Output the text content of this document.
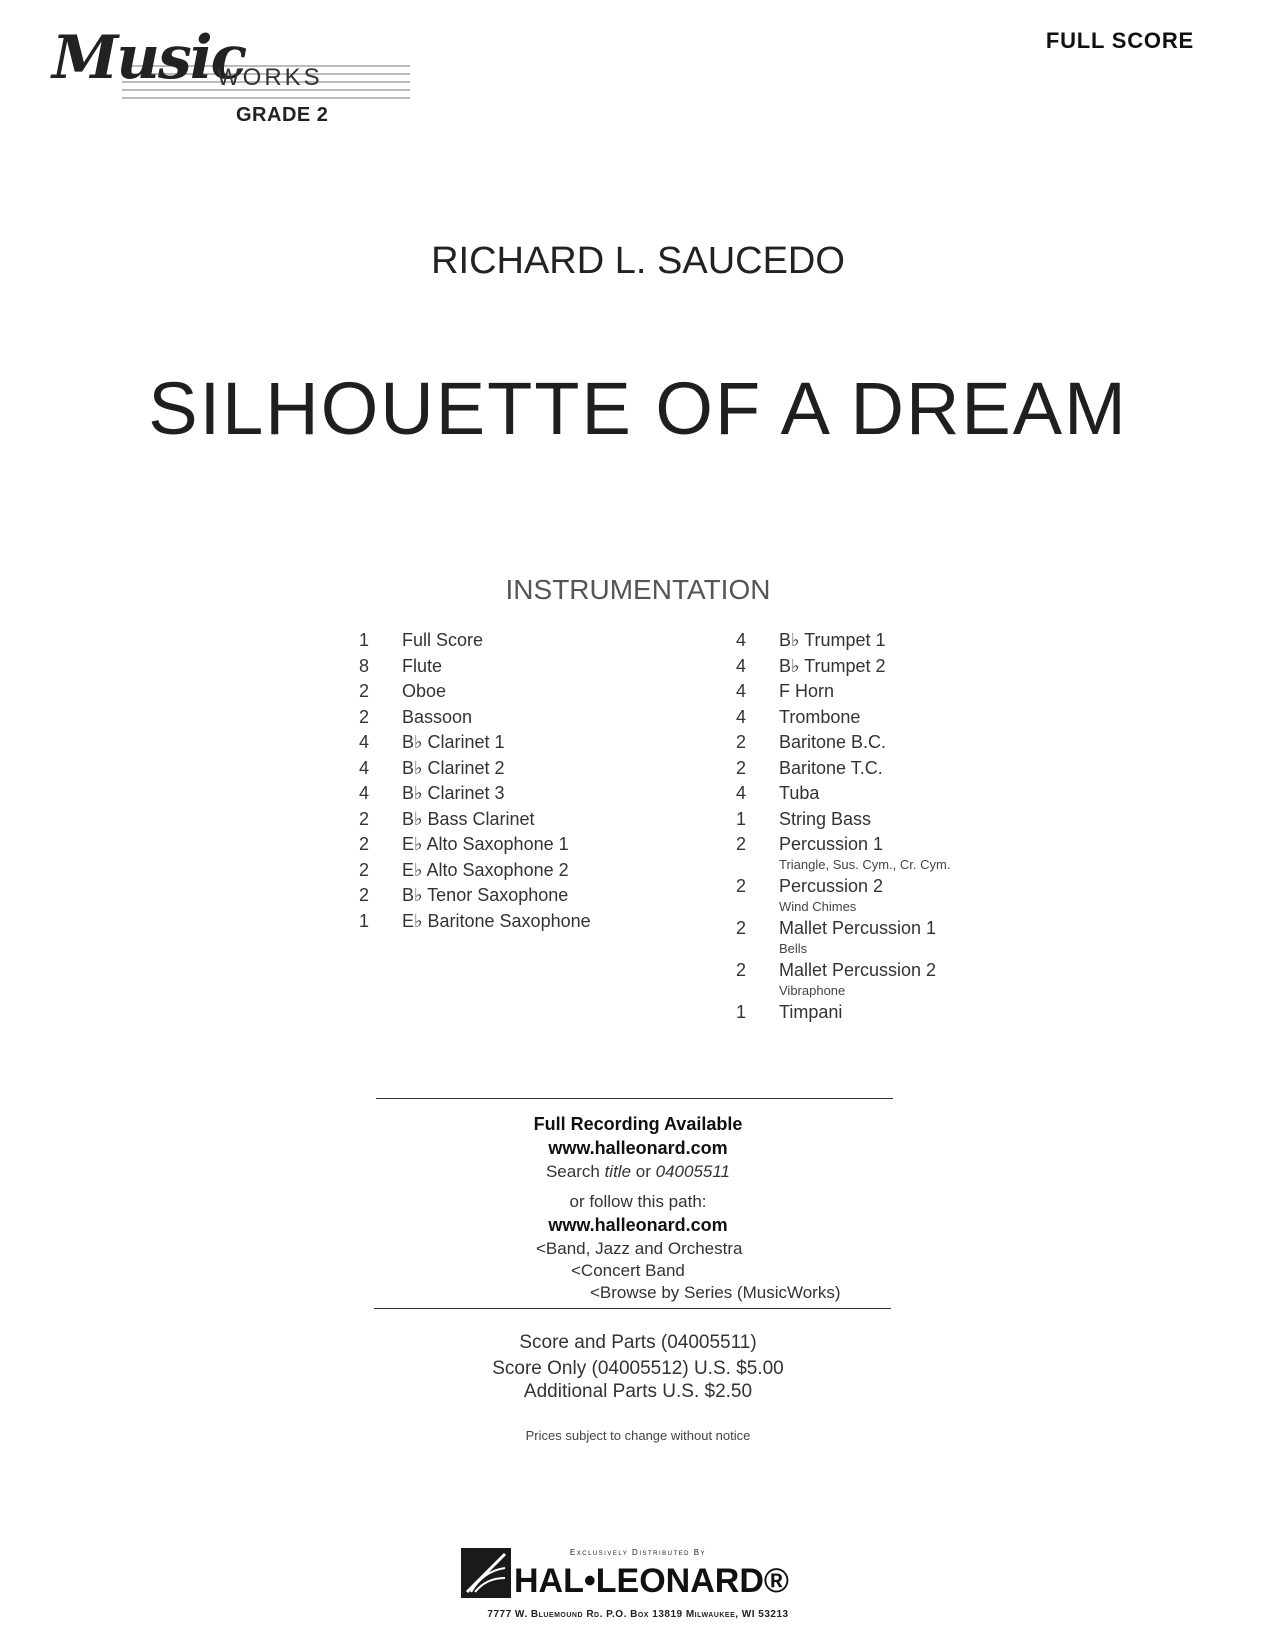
Music
WORKS
GRADE 2
FULL SCORE
RICHARD L. SAUCEDO
SILHOUETTE OF A DREAM
INSTRUMENTATION
1 Full Score
8 Flute
2 Oboe
2 Bassoon
4 B♭ Clarinet 1
4 B♭ Clarinet 2
4 B♭ Clarinet 3
2 B♭ Bass Clarinet
2 E♭ Alto Saxophone 1
2 E♭ Alto Saxophone 2
2 B♭ Tenor Saxophone
1 E♭ Baritone Saxophone
4 B♭ Trumpet 1
4 B♭ Trumpet 2
4 F Horn
4 Trombone
2 Baritone B.C.
2 Baritone T.C.
4 Tuba
1 String Bass
2 Percussion 1
Triangle, Sus. Cym., Cr. Cym.
2 Percussion 2
Wind Chimes
2 Mallet Percussion 1
Bells
2 Mallet Percussion 2
Vibraphone
1 Timpani
Full Recording Available
www.halleonard.com
Search title or 04005511
or follow this path:
www.halleonard.com
<Band, Jazz and Orchestra
<Concert Band
<Browse by Series (MusicWorks)
Score and Parts (04005511)
Score Only (04005512) U.S. $5.00
Additional Parts U.S. $2.50
Prices subject to change without notice
Exclusively Distributed By
HAL•LEONARD®
7777 W. Bluemound Rd. P.O. Box 13819 Milwaukee, WI 53213
